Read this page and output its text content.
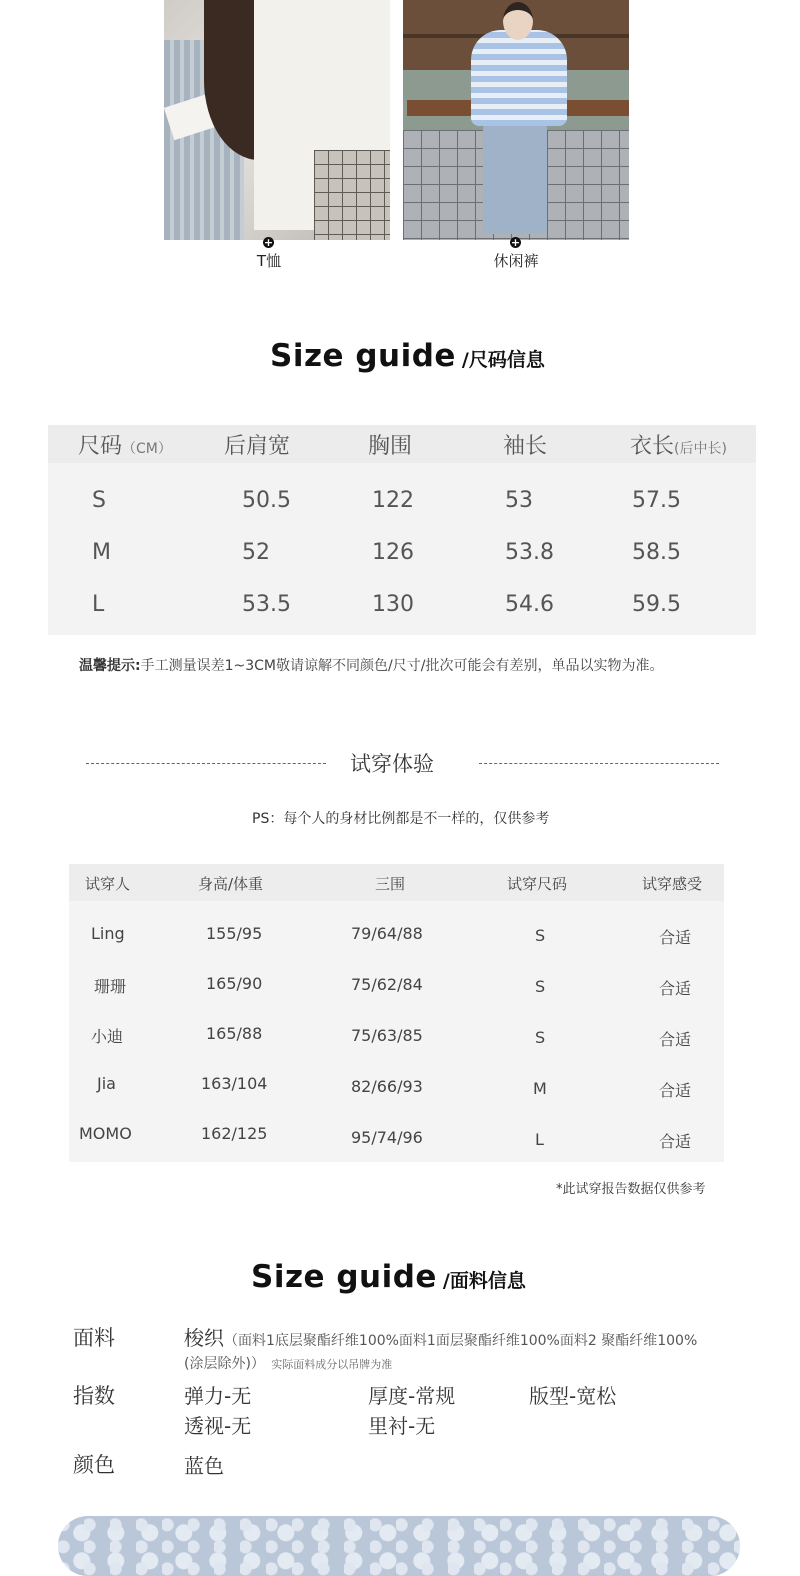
+
T恤
+
休闲裤
Size guide /尺码信息
尺码（CM） 后肩宽	胸围	袖长	衣长(后中长)
S	50.5	122	53	57.5
M	52	126	53.8	58.5
L	53.5	130	54.6	59.5
温馨提示:手工测量误差1~3CM敬请谅解不同颜色/尺寸/批次可能会有差别，单品以实物为准。
试穿体验
PS：每个人的身材比例都是不一样的，仅供参考
试穿人	身高/体重	三围	试穿尺码	试穿感受
Ling	155/95	79/64/88	S	合适
珊珊	165/90	75/62/84	S	合适
小迪	165/88	75/63/85	S	合适
Jia	163/104	82/66/93	M	合适
MOMO	162/125	95/74/96	L	合适
*此试穿报告数据仅供参考
Size guide /面料信息
面料	梭织（面料1底层聚酯纤维100%面料1面层聚酯纤维100%面料2 聚酯纤维100%
(涂层除外)） 实际面料成分以吊牌为准
指数	弹力-无	厚度-常规	版型-宽松
透视-无	里衬-无
颜色	蓝色
